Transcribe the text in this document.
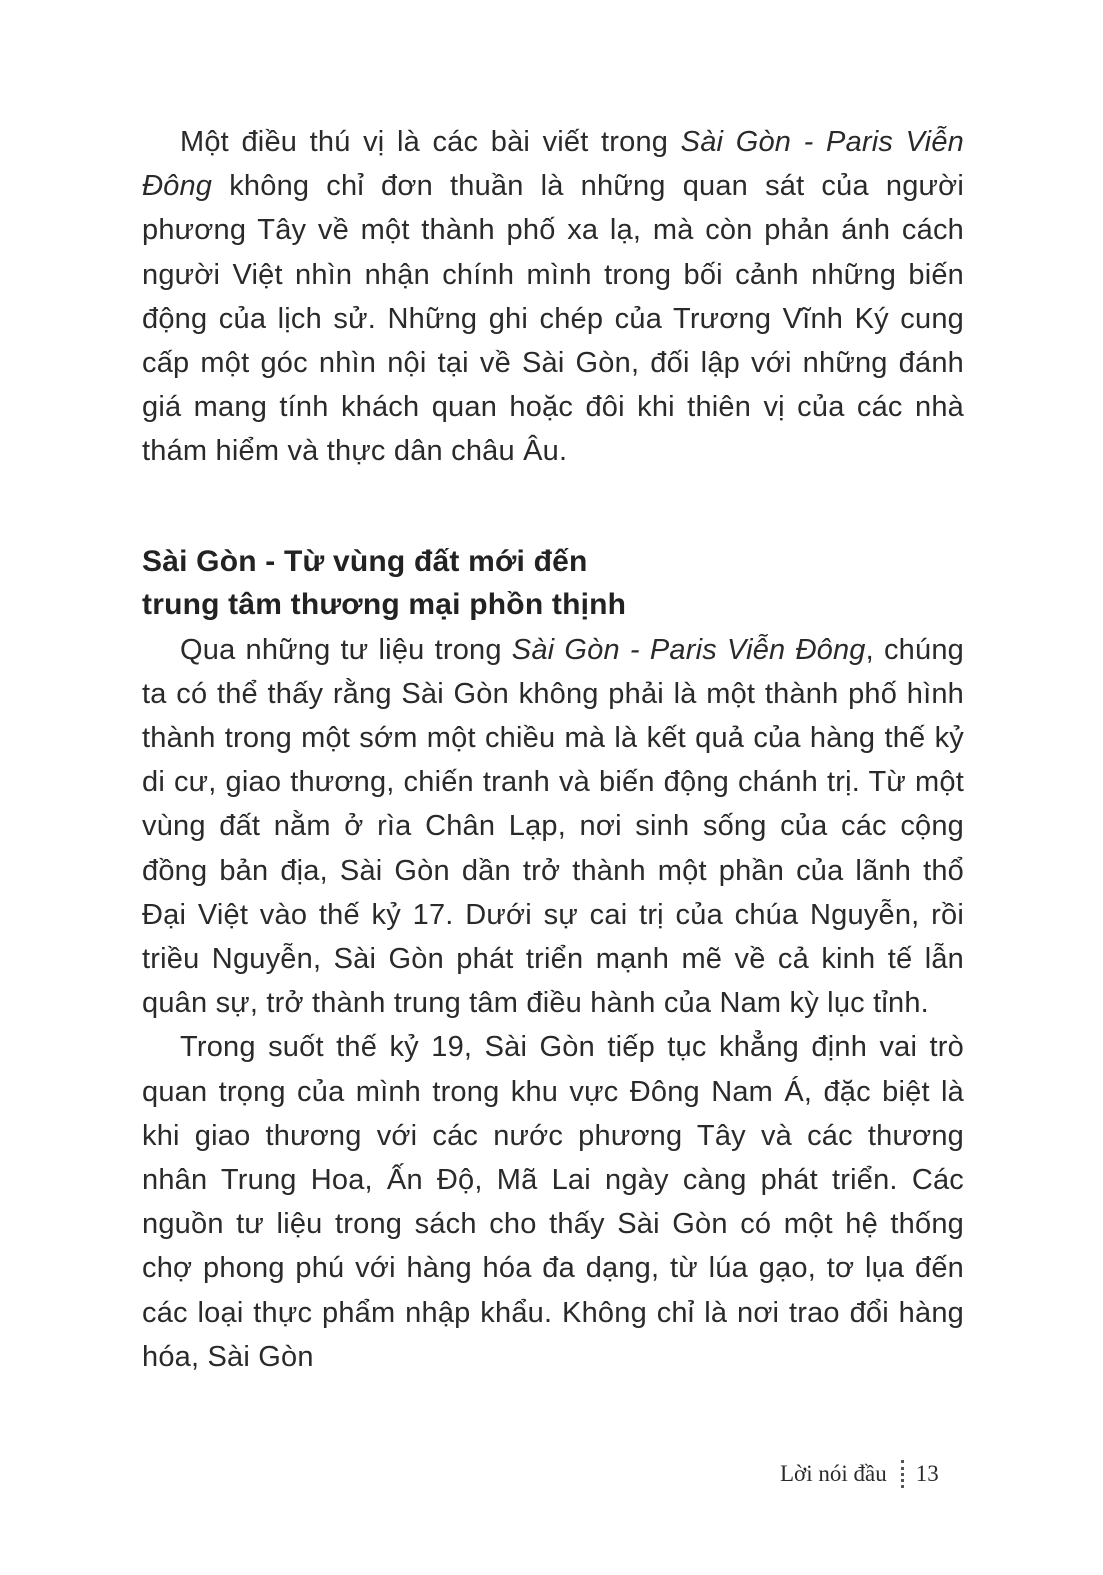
Một điều thú vị là các bài viết trong Sài Gòn - Paris Viễn Đông không chỉ đơn thuần là những quan sát của người phương Tây về một thành phố xa lạ, mà còn phản ánh cách người Việt nhìn nhận chính mình trong bối cảnh những biến động của lịch sử. Những ghi chép của Trương Vĩnh Ký cung cấp một góc nhìn nội tại về Sài Gòn, đối lập với những đánh giá mang tính khách quan hoặc đôi khi thiên vị của các nhà thám hiểm và thực dân châu Âu.

Sài Gòn - Từ vùng đất mới đến
trung tâm thương mại phồn thịnh

Qua những tư liệu trong Sài Gòn - Paris Viễn Đông, chúng ta có thể thấy rằng Sài Gòn không phải là một thành phố hình thành trong một sớm một chiều mà là kết quả của hàng thế kỷ di cư, giao thương, chiến tranh và biến động chánh trị. Từ một vùng đất nằm ở rìa Chân Lạp, nơi sinh sống của các cộng đồng bản địa, Sài Gòn dần trở thành một phần của lãnh thổ Đại Việt vào thế kỷ 17. Dưới sự cai trị của chúa Nguyễn, rồi triều Nguyễn, Sài Gòn phát triển mạnh mẽ về cả kinh tế lẫn quân sự, trở thành trung tâm điều hành của Nam kỳ lục tỉnh.

Trong suốt thế kỷ 19, Sài Gòn tiếp tục khẳng định vai trò quan trọng của mình trong khu vực Đông Nam Á, đặc biệt là khi giao thương với các nước phương Tây và các thương nhân Trung Hoa, Ấn Độ, Mã Lai ngày càng phát triển. Các nguồn tư liệu trong sách cho thấy Sài Gòn có một hệ thống chợ phong phú với hàng hóa đa dạng, từ lúa gạo, tơ lụa đến các loại thực phẩm nhập khẩu. Không chỉ là nơi trao đổi hàng hóa, Sài Gòn

Lời nói đầu 13
